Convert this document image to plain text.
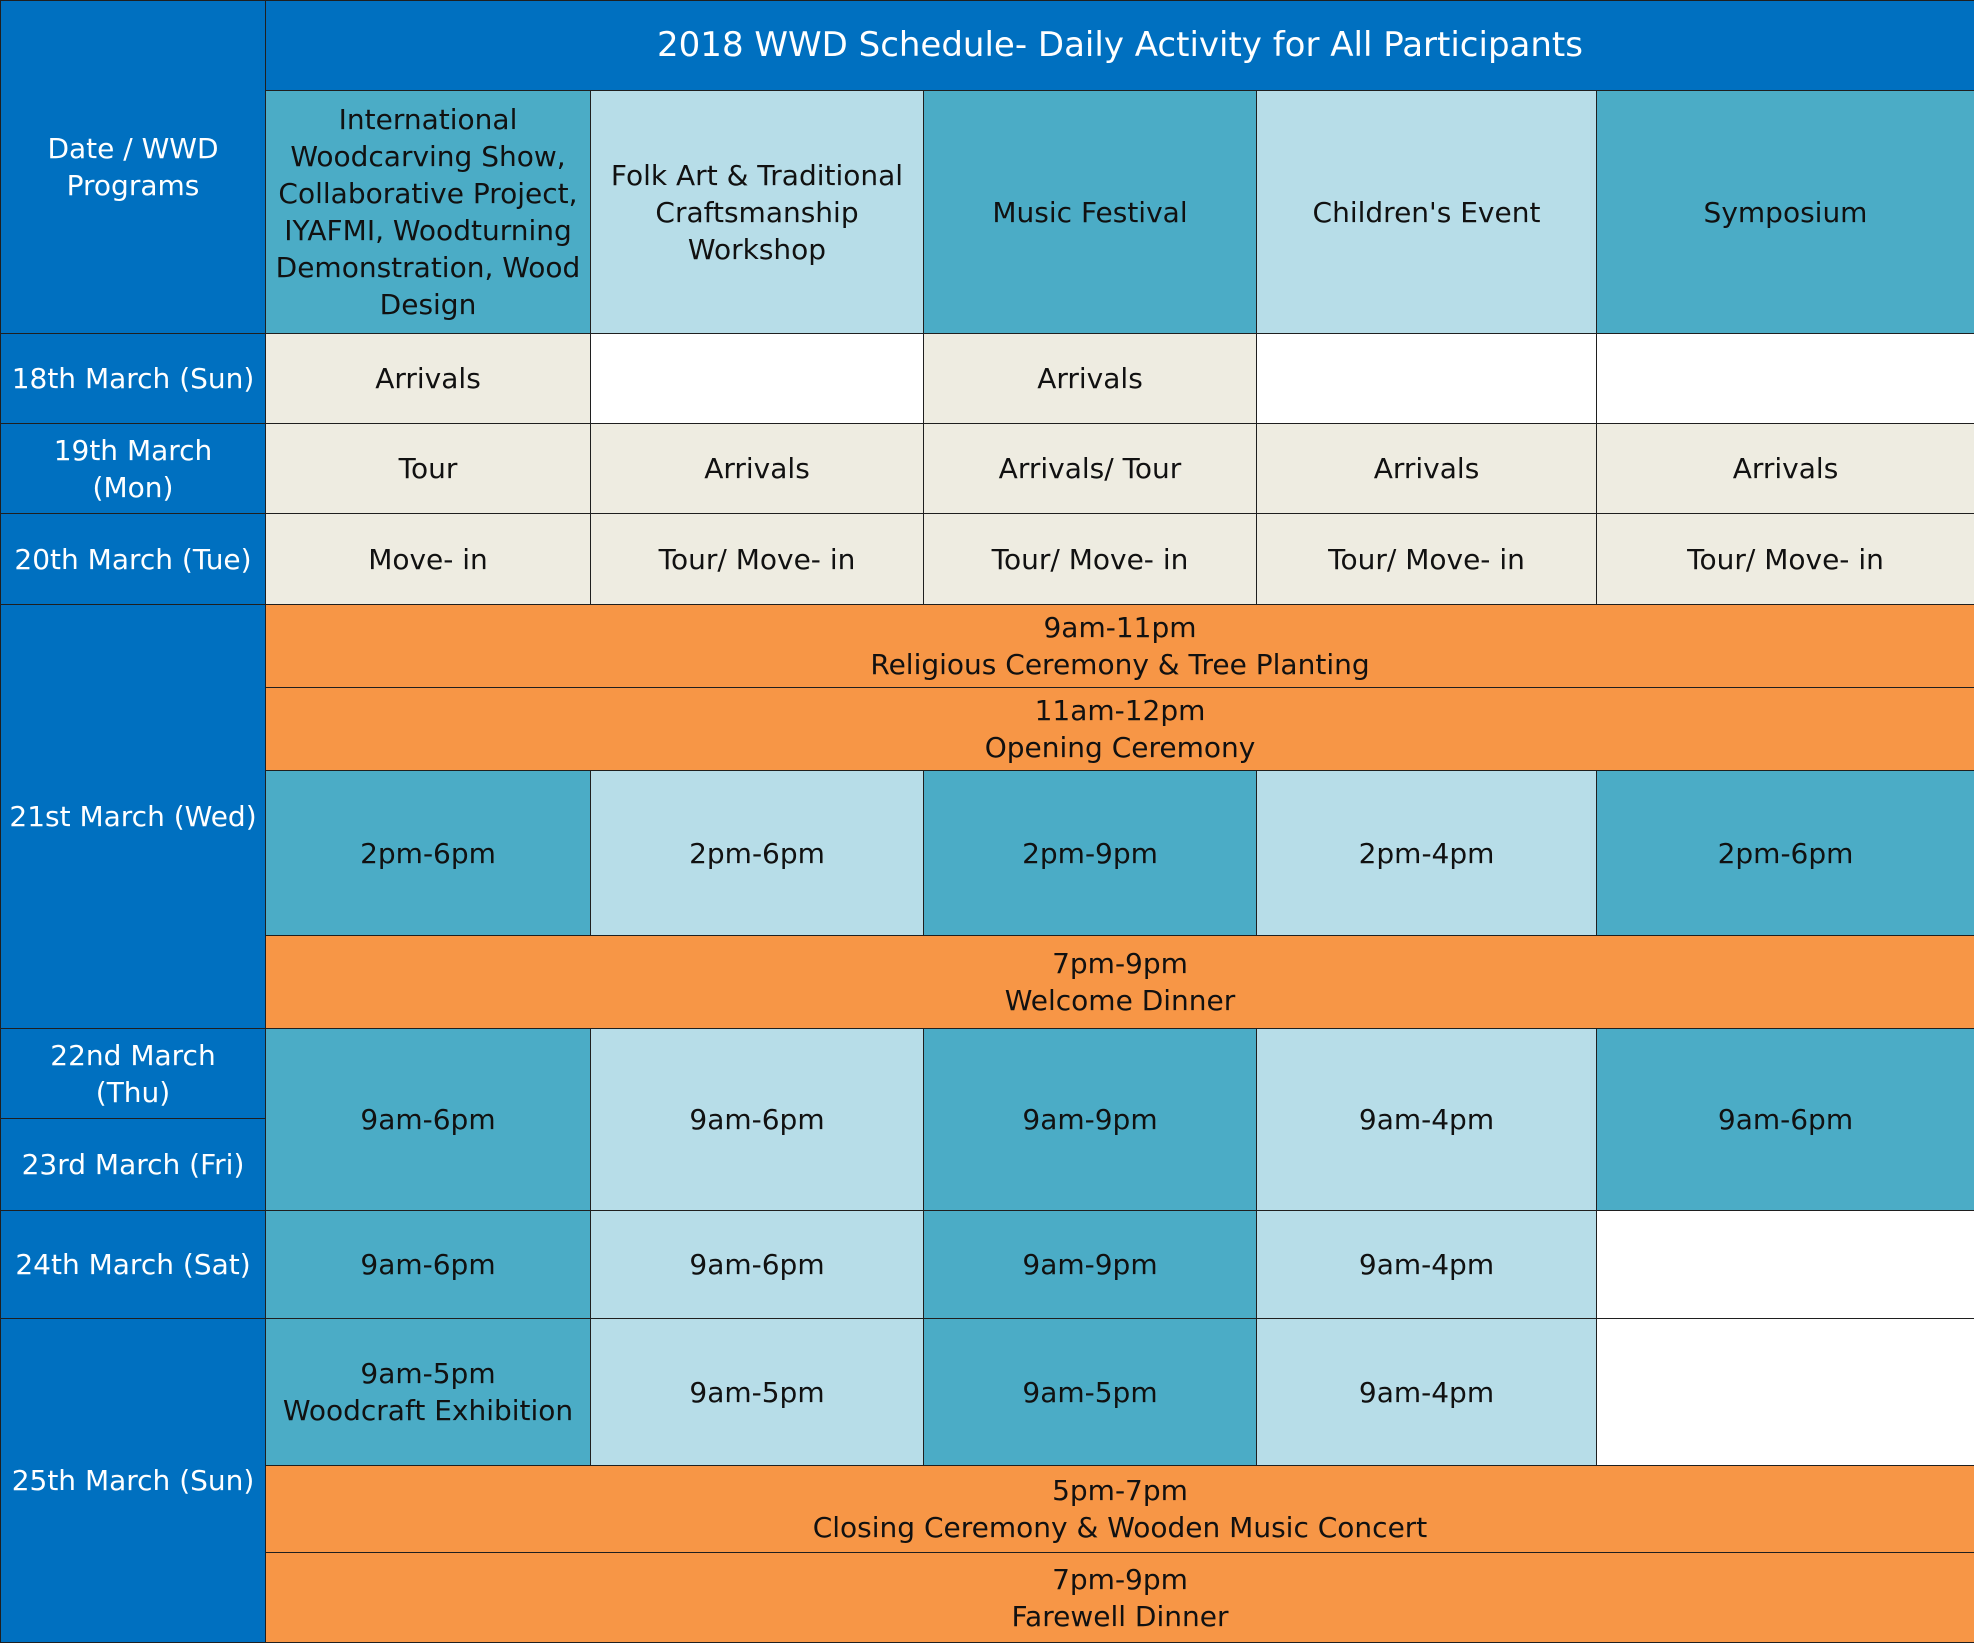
Date / WWD Programs	2018 WWD Schedule- Daily Activity for All Participants				
	International Woodcarving Show, Collaborative Project, IYAFMI, Woodturning Demonstration, Wood Design	Folk Art & Traditional Craftsmanship Workshop	Music Festival	Children's Event	Symposium
18th March (Sun)	Arrivals		Arrivals		
19th March (Mon)	Tour	Arrivals	Arrivals/ Tour	Arrivals	Arrivals
20th March (Tue)	Move- in	Tour/ Move- in	Tour/ Move- in	Tour/ Move- in	Tour/ Move- in
21st March (Wed)	9am-11pm
Religious Ceremony & Tree Planting				

	11am-12pm
Opening Ceremony				

	2pm-6pm	2pm-6pm	2pm-9pm	2pm-4pm	2pm-6pm

	7pm-9pm
Welcome Dinner				

22nd March (Thu)	9am-6pm	9am-6pm	9am-9pm	9am-4pm	9am-6pm
23rd March (Fri)					
24th March (Sat)	9am-6pm	9am-6pm	9am-9pm	9am-4pm	
25th March (Sun)	9am-5pm
Woodcraft Exhibition	9am-5pm	9am-5pm	9am-4pm	

	5pm-7pm
Closing Ceremony & Wooden Music Concert				

	7pm-9pm
Farewell Dinner				
